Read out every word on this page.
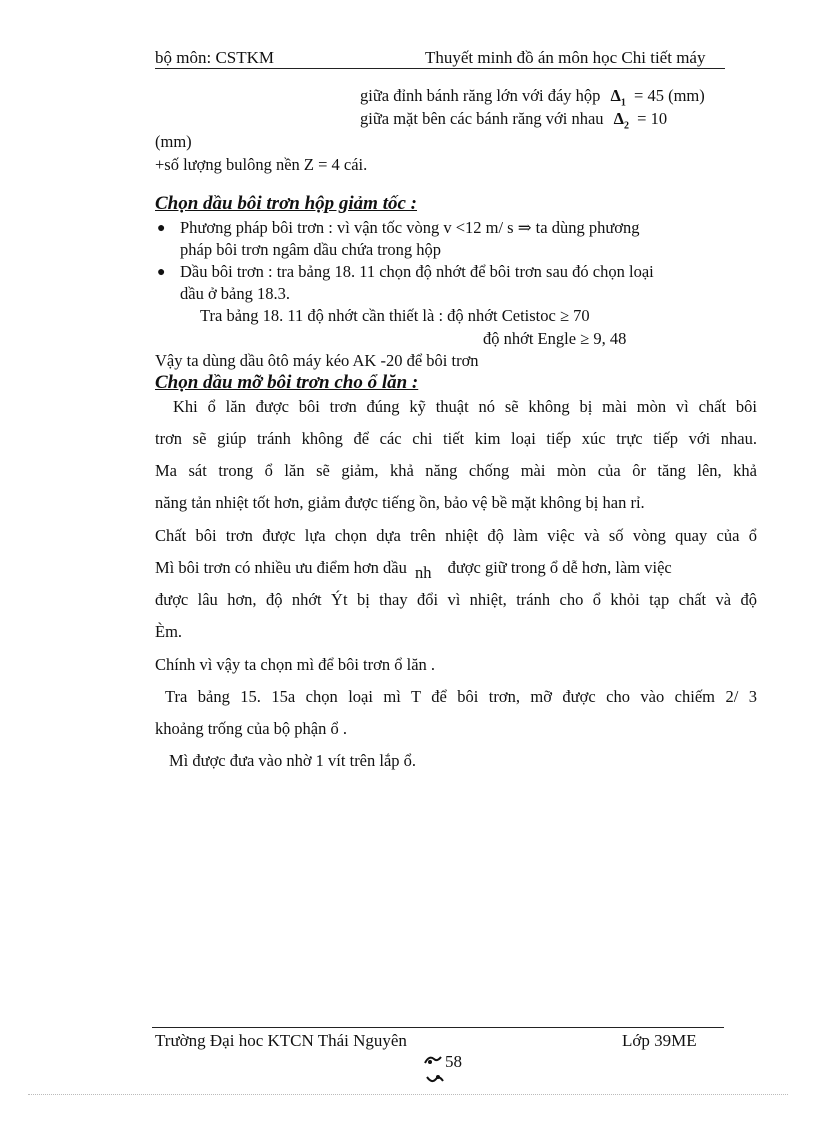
bộ môn: CSTKM	Thuyết minh đồ án môn học Chi tiết máy
giữa đỉnh bánh răng lớn với đáy hộp $\Delta_1 = 45$ (mm)
giữa mặt bên các bánh răng với nhau $\Delta_2 = 10$
(mm)
+số lượng bulông nền Z = 4 cái.
Chọn dầu bôi trơn hộp giảm tốc :
● Phương pháp bôi trơn : vì vận tốc vòng v <12 m/ s ⇒ ta dùng phương
pháp bôi trơn ngâm dầu chứa trong hộp
● Dầu bôi trơn : tra bảng 18. 11 chọn độ nhớt để bôi trơn sau đó chọn loại
dầu ở bảng 18.3.
Tra bảng 18. 11 độ nhớt cần thiết là : độ nhớt Cetistoc ≥ 70
độ nhớt Engle ≥ 9, 48
Vậy ta dùng dầu ôtô máy kéo AK -20 để bôi trơn
Chọn dầu mỡ bôi trơn cho ổ lăn :
Khi ổ lăn được bôi trơn đúng kỹ thuật nó sẽ không bị mài mòn vì chất bôi
trơn sẽ giúp tránh không để các chi tiết kim loại tiếp xúc trực tiếp với nhau.
Ma sát trong ổ lăn sẽ giảm, khả năng chống mài mòn của ôr tăng lên, khả
năng tản nhiệt tốt hơn, giảm được tiếng ồn, bảo vệ bề mặt không bị han rỉ.
Chất bôi trơn được lựa chọn dựa trên nhiệt độ làm việc và số vòng quay của ổ
Mì bôi trơn có nhiều ưu điểm hơn dầu nh được giữ trong ổ dễ hơn, làm việc
được lâu hơn, độ nhớt Ýt bị thay đổi vì nhiệt, tránh cho ổ khỏi tạp chất và độ
Èm.
Chính vì vậy ta chọn mì để bôi trơn ổ lăn .
Tra bảng 15. 15a chọn loại mì T để bôi trơn, mỡ được cho vào chiếm 2/ 3
khoảng trống của bộ phận ổ .
Mì được đưa vào nhờ 1 vít trên lắp ổ.
Trường Đại hoc KTCN Thái Nguyên	Lớp 39ME
58
